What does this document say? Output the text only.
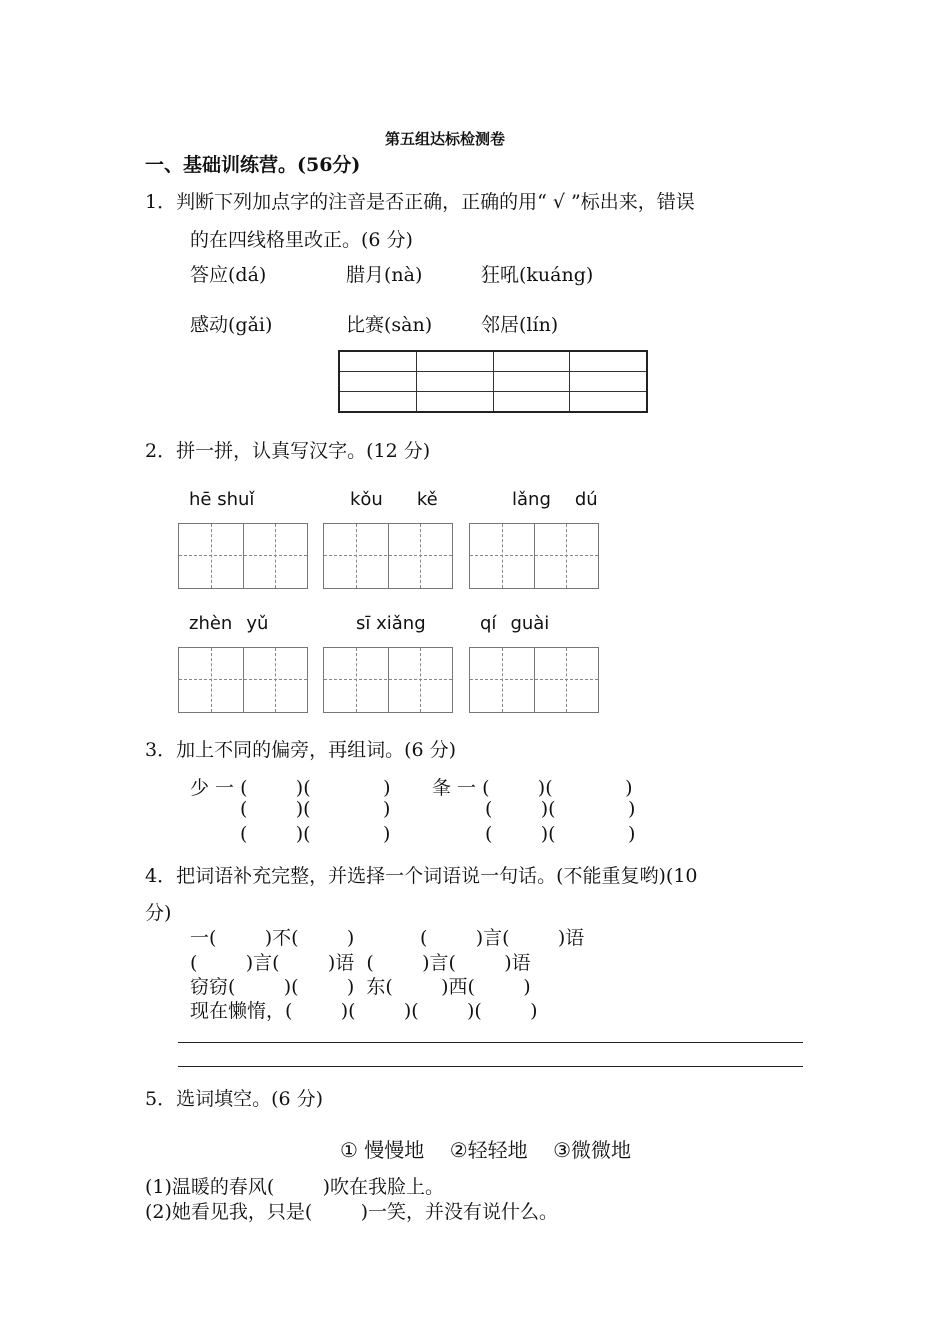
第五组达标检测卷
一、基础训练营。(56分)
1．判断下列加点字的注音是否正确，正确的用“ √ ”标出来，错误
的在四线格里改正。(6 分)
答应(dá)	腊月(nà)	狂吼(kuáng)
感动(gǎi)	比赛(sàn)	邻居(lín)
2．拼一拼，认真写汉字。(12 分)
hē shuǐ	kǒu kě	lǎng dú
zhèn yǔ	sī xiǎng	qí guài
3．加上不同的偏旁，再组词。(6 分)
少 一 (        )(            ) 夆 一 (        )(            )
(        )(            )	(        )(            )
(        )(            )	(        )(            )
4．把词语补充完整，并选择一个词语说一句话。(不能重复哟)(10
分)
一(        )不(        )	(        )言(        )语
(        )言(        )语  (        )言(        )语
窃窃(        )(        )  东(        )西(        )
现在懒惰，(        )(        )(        )(        )
5．选词填空。(6 分)
① 慢慢地    ②轻轻地    ③微微地
(1)温暖的春风(        )吹在我脸上。
(2)她看见我，只是(        )一笑，并没有说什么。
